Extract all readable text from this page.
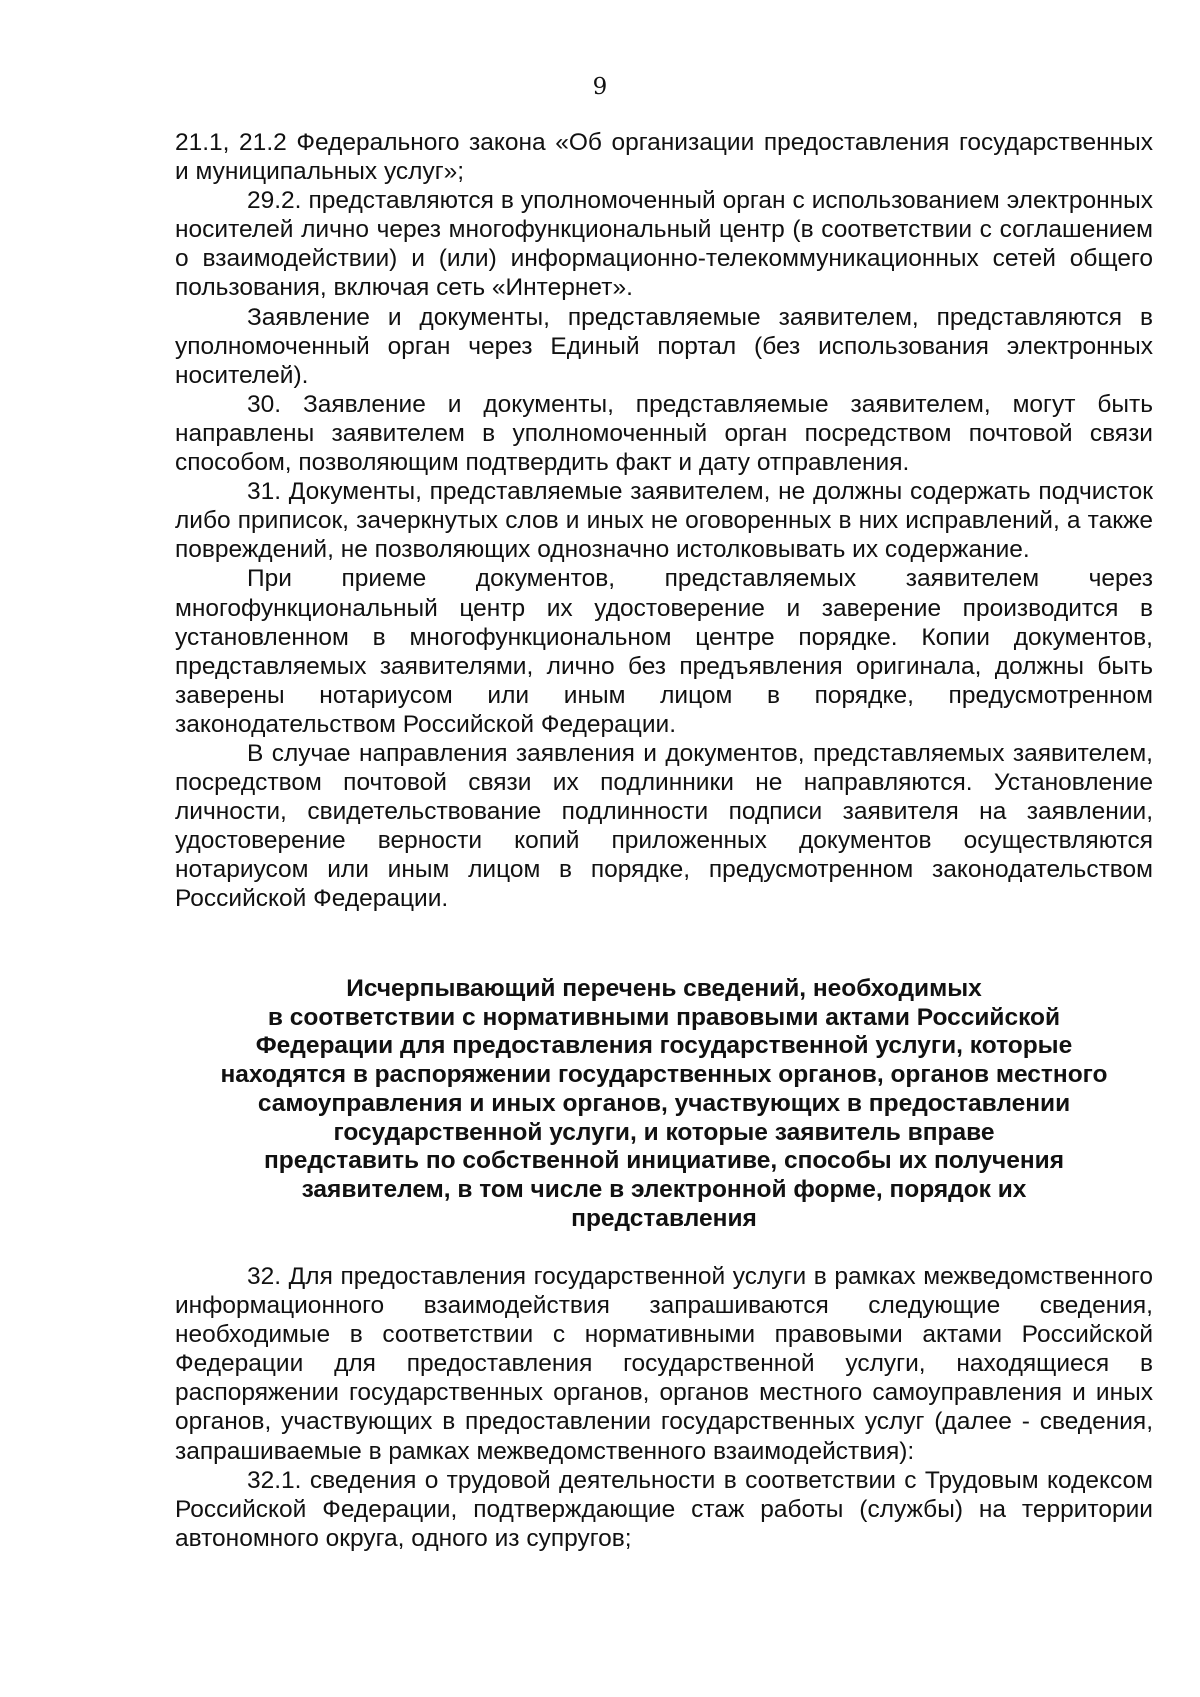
9

21.1, 21.2 Федерального закона «Об организации предоставления государственных и муниципальных услуг»;

29.2. представляются в уполномоченный орган с использованием электронных носителей лично через многофункциональный центр (в соответствии с соглашением о взаимодействии) и (или) информационно-телекоммуникационных сетей общего пользования, включая сеть «Интернет».

Заявление и документы, представляемые заявителем, представляются в уполномоченный орган через Единый портал (без использования электронных носителей).

30. Заявление и документы, представляемые заявителем, могут быть направлены заявителем в уполномоченный орган посредством почтовой связи способом, позволяющим подтвердить факт и дату отправления.

31. Документы, представляемые заявителем, не должны содержать подчисток либо приписок, зачеркнутых слов и иных не оговоренных в них исправлений, а также повреждений, не позволяющих однозначно истолковывать их содержание.

При приеме документов, представляемых заявителем через многофункциональный центр их удостоверение и заверение производится в установленном в многофункциональном центре порядке. Копии документов, представляемых заявителями, лично без предъявления оригинала, должны быть заверены нотариусом или иным лицом в порядке, предусмотренном законодательством Российской Федерации.

В случае направления заявления и документов, представляемых заявителем, посредством почтовой связи их подлинники не направляются. Установление личности, свидетельствование подлинности подписи заявителя на заявлении, удостоверение верности копий приложенных документов осуществляются нотариусом или иным лицом в порядке, предусмотренном законодательством Российской Федерации.

Исчерпывающий перечень сведений, необходимых
в соответствии с нормативными правовыми актами Российской
Федерации для предоставления государственной услуги, которые
находятся в распоряжении государственных органов, органов местного
самоуправления и иных органов, участвующих в предоставлении
государственной услуги, и которые заявитель вправе
представить по собственной инициативе, способы их получения
заявителем, в том числе в электронной форме, порядок их
представления

32. Для предоставления государственной услуги в рамках межведомственного информационного взаимодействия запрашиваются следующие сведения, необходимые в соответствии с нормативными правовыми актами Российской Федерации для предоставления государственной услуги, находящиеся в распоряжении государственных органов, органов местного самоуправления и иных органов, участвующих в предоставлении государственных услуг (далее - сведения, запрашиваемые в рамках межведомственного взаимодействия):

32.1. сведения о трудовой деятельности в соответствии с Трудовым кодексом Российской Федерации, подтверждающие стаж работы (службы) на территории автономного округа, одного из супругов;
